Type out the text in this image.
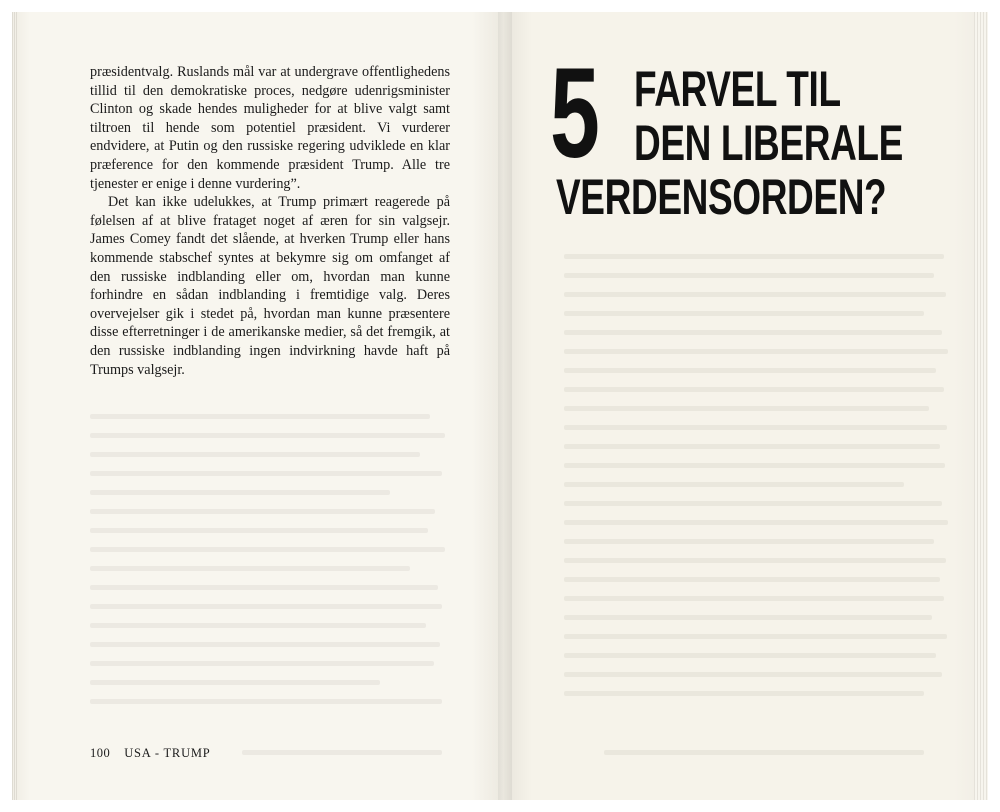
præsidentvalg. Ruslands mål var at undergrave offentlighedens tillid til den demokratiske proces, nedgøre udenrigsminister Clinton og skade hendes muligheder for at blive valgt samt tiltroen til hende som potentiel præsident. Vi vurderer endvidere, at Putin og den russiske regering udviklede en klar præference for den kommende præsident Trump. Alle tre tjenester er enige i denne vurdering”.

Det kan ikke udelukkes, at Trump primært reagerede på følelsen af at blive frataget noget af æren for sin valgsejr. James Comey fandt det slående, at hverken Trump eller hans kommende stabschef syntes at bekymre sig om omfanget af den russiske indblanding eller om, hvordan man kunne forhindre en sådan indblanding i fremtidige valg. Deres overvejelser gik i stedet på, hvordan man kunne præsentere disse efterretninger i de amerikanske medier, så det fremgik, at den russiske indblanding ingen indvirkning havde haft på Trumps valgsejr.

100 USA - TRUMP
5 FARVEL TIL
DEN LIBERALE
VERDENSORDEN?
